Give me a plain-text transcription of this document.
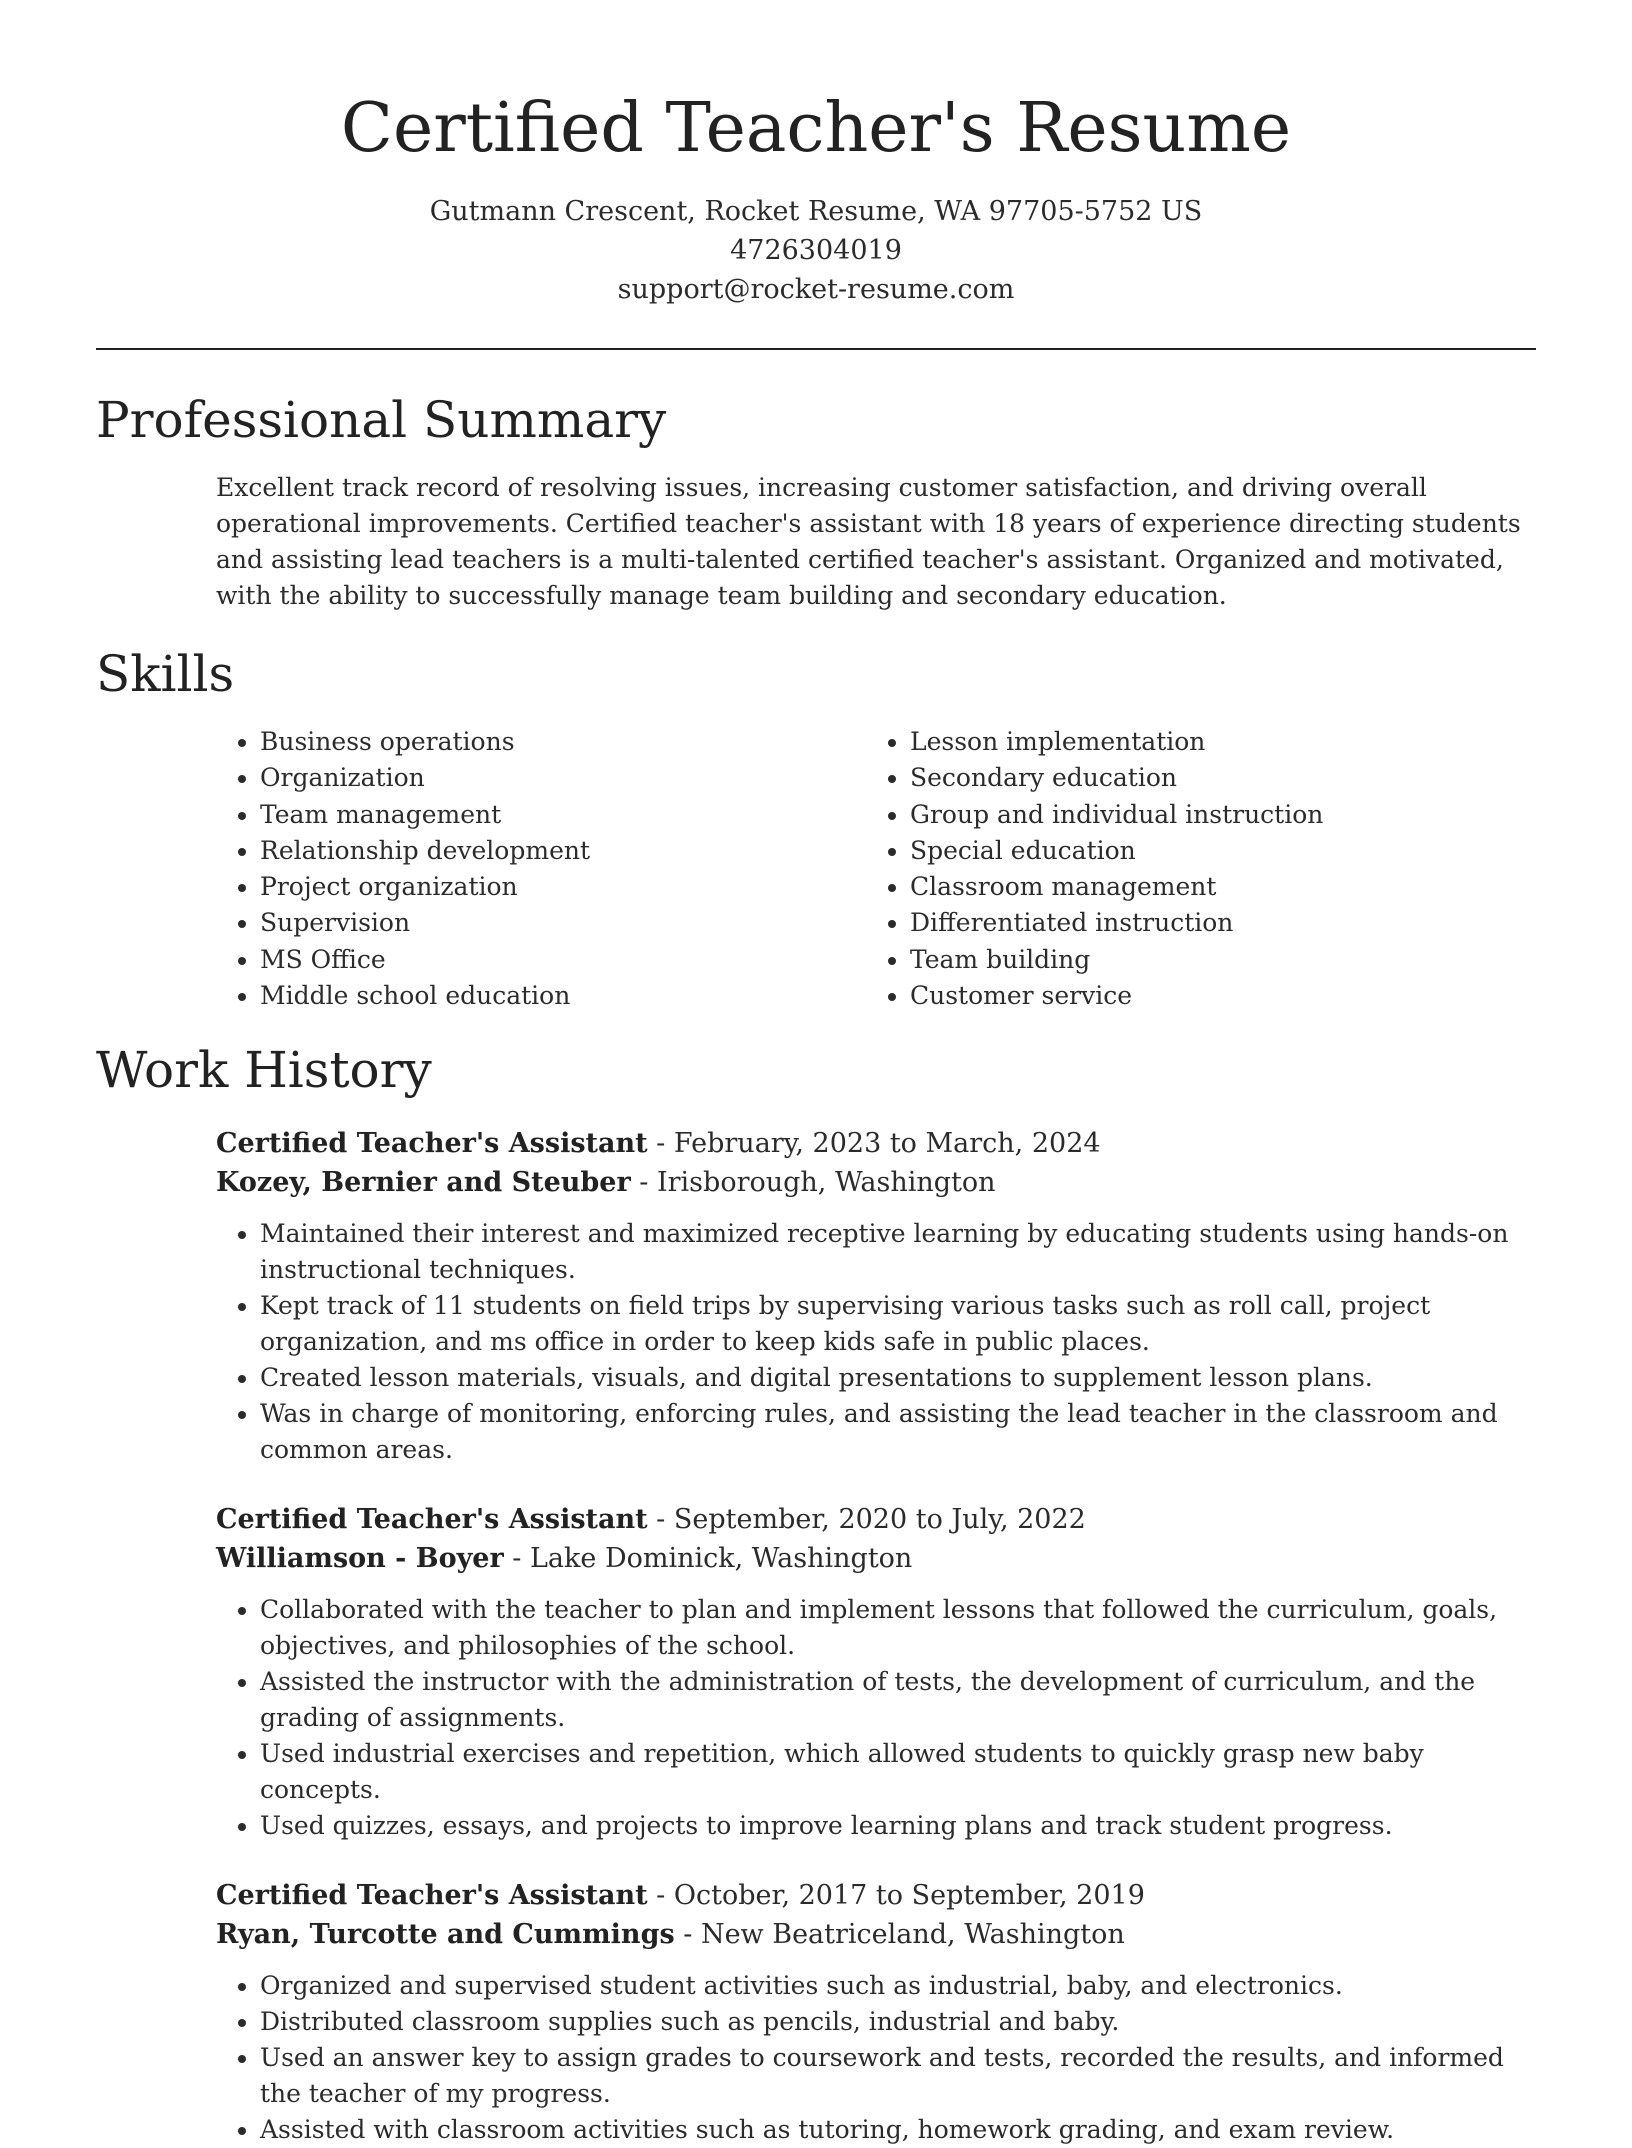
Certified Teacher's Resume
Gutmann Crescent, Rocket Resume, WA 97705-5752 US
4726304019
support@rocket-resume.com
Professional Summary

Excellent track record of resolving issues, increasing customer satisfaction, and driving overall operational improvements. Certified teacher's assistant with 18 years of experience directing students and assisting lead teachers is a multi-talented certified teacher's assistant. Organized and motivated, with the ability to successfully manage team building and secondary education.

Skills
• Business operations
• Organization
• Team management
• Relationship development
• Project organization
• Supervision
• MS Office
• Middle school education
• Lesson implementation
• Secondary education
• Group and individual instruction
• Special education
• Classroom management
• Differentiated instruction
• Team building
• Customer service
Work History
Certified Teacher's Assistant - February, 2023 to March, 2024
Kozey, Bernier and Steuber - Irisborough, Washington
• Maintained their interest and maximized receptive learning by educating students using hands-on instructional techniques.
• Kept track of 11 students on field trips by supervising various tasks such as roll call, project organization, and ms office in order to keep kids safe in public places.
• Created lesson materials, visuals, and digital presentations to supplement lesson plans.
• Was in charge of monitoring, enforcing rules, and assisting the lead teacher in the classroom and common areas.
Certified Teacher's Assistant - September, 2020 to July, 2022
Williamson - Boyer - Lake Dominick, Washington
• Collaborated with the teacher to plan and implement lessons that followed the curriculum, goals, objectives, and philosophies of the school.
• Assisted the instructor with the administration of tests, the development of curriculum, and the grading of assignments.
• Used industrial exercises and repetition, which allowed students to quickly grasp new baby concepts.
• Used quizzes, essays, and projects to improve learning plans and track student progress.
Certified Teacher's Assistant - October, 2017 to September, 2019
Ryan, Turcotte and Cummings - New Beatriceland, Washington
• Organized and supervised student activities such as industrial, baby, and electronics.
• Distributed classroom supplies such as pencils, industrial and baby.
• Used an answer key to assign grades to coursework and tests, recorded the results, and informed the teacher of my progress.
• Assisted with classroom activities such as tutoring, homework grading, and exam review.
